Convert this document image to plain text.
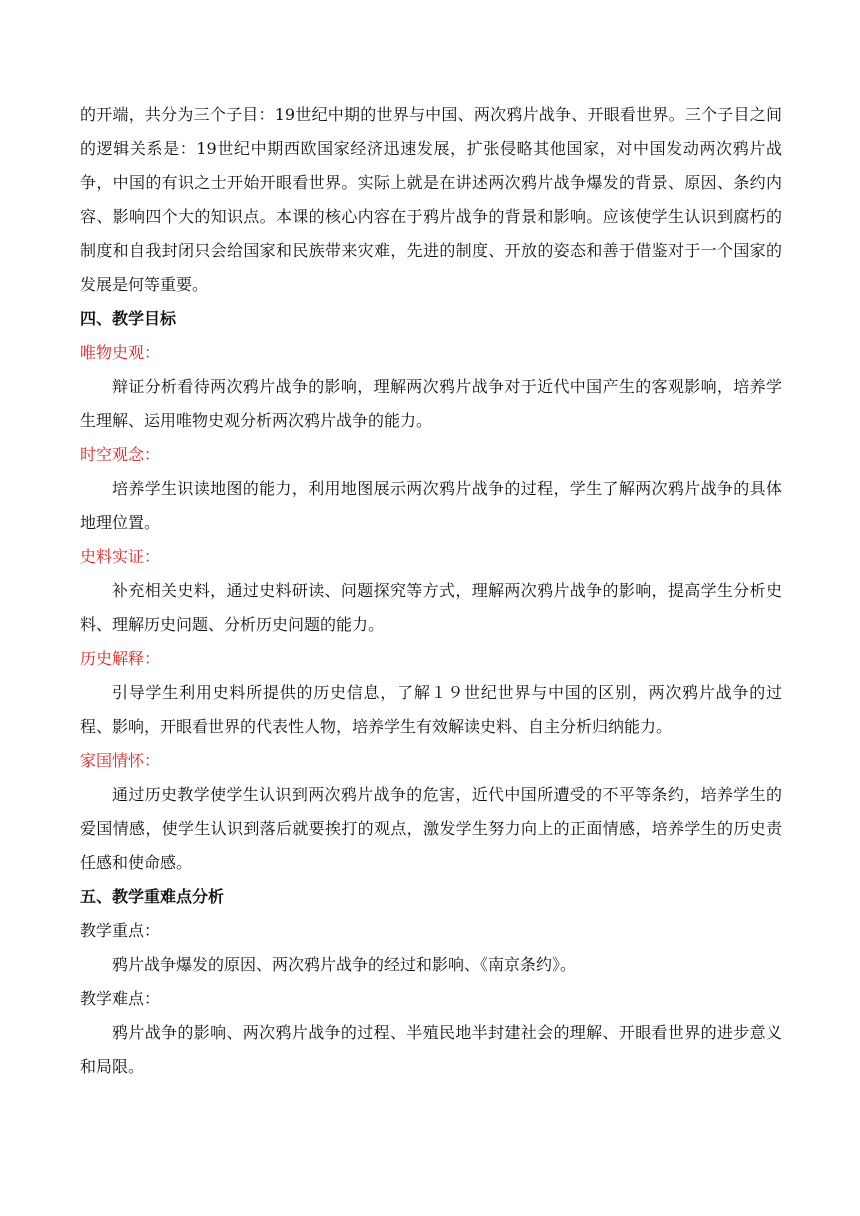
的开端，共分为三个子目：19世纪中期的世界与中国、两次鸦片战争、开眼看世界。三个子目之间的逻辑关系是：19世纪中期西欧国家经济迅速发展，扩张侵略其他国家，对中国发动两次鸦片战争，中国的有识之士开始开眼看世界。实际上就是在讲述两次鸦片战争爆发的背景、原因、条约内容、影响四个大的知识点。本课的核心内容在于鸦片战争的背景和影响。应该使学生认识到腐朽的制度和自我封闭只会给国家和民族带来灾难，先进的制度、开放的姿态和善于借鉴对于一个国家的发展是何等重要。

四、教学目标

唯物史观：

辩证分析看待两次鸦片战争的影响，理解两次鸦片战争对于近代中国产生的客观影响，培养学生理解、运用唯物史观分析两次鸦片战争的能力。

时空观念：

培养学生识读地图的能力，利用地图展示两次鸦片战争的过程，学生了解两次鸦片战争的具体地理位置。

史料实证：

补充相关史料，通过史料研读、问题探究等方式，理解两次鸦片战争的影响，提高学生分析史料、理解历史问题、分析历史问题的能力。

历史解释：

引导学生利用史料所提供的历史信息，了解１９世纪世界与中国的区别，两次鸦片战争的过程、影响，开眼看世界的代表性人物，培养学生有效解读史料、自主分析归纳能力。

家国情怀：

通过历史教学使学生认识到两次鸦片战争的危害，近代中国所遭受的不平等条约，培养学生的爱国情感，使学生认识到落后就要挨打的观点，激发学生努力向上的正面情感，培养学生的历史责任感和使命感。

五、教学重难点分析

教学重点：

鸦片战争爆发的原因、两次鸦片战争的经过和影响、《南京条约》。

教学难点：

鸦片战争的影响、两次鸦片战争的过程、半殖民地半封建社会的理解、开眼看世界的进步意义和局限。
